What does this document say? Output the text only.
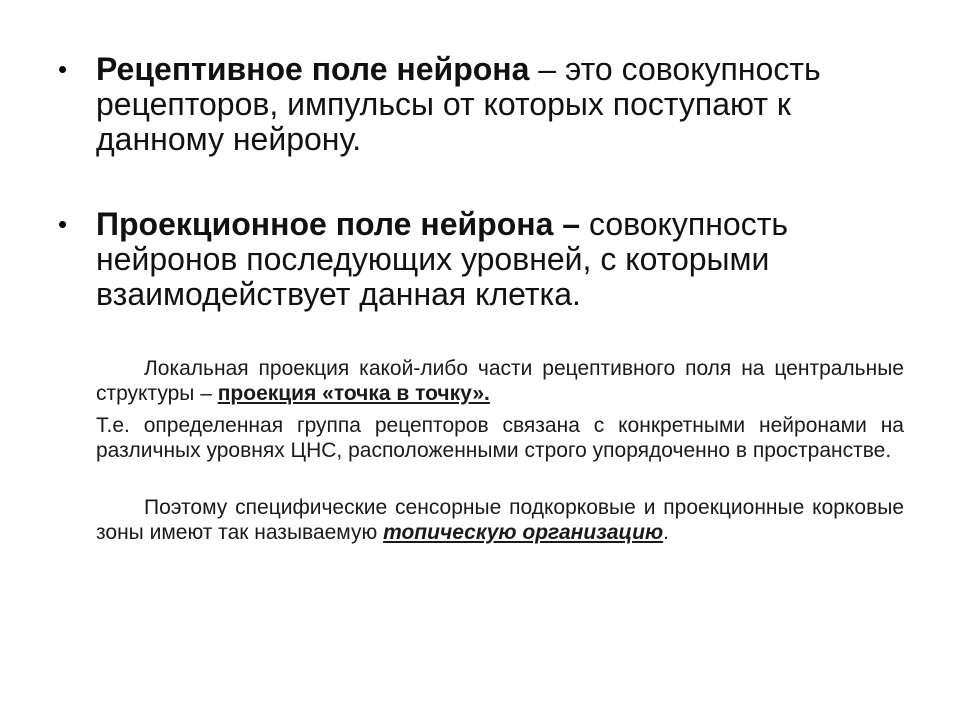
• Рецептивное поле нейрона – это совокупность рецепторов, импульсы от которых поступают к данному нейрону.
• Проекционное поле нейрона – совокупность нейронов последующих уровней, с которыми взаимодействует данная клетка.
Локальная проекция какой-либо части рецептивного поля на центральные структуры – проекция «точка в точку».
Т.е. определенная группа рецепторов связана с конкретными нейронами на различных уровнях ЦНС, расположенными строго упорядоченно в пространстве.
Поэтому специфические сенсорные подкорковые и проекционные корковые зоны имеют так называемую топическую организацию.
